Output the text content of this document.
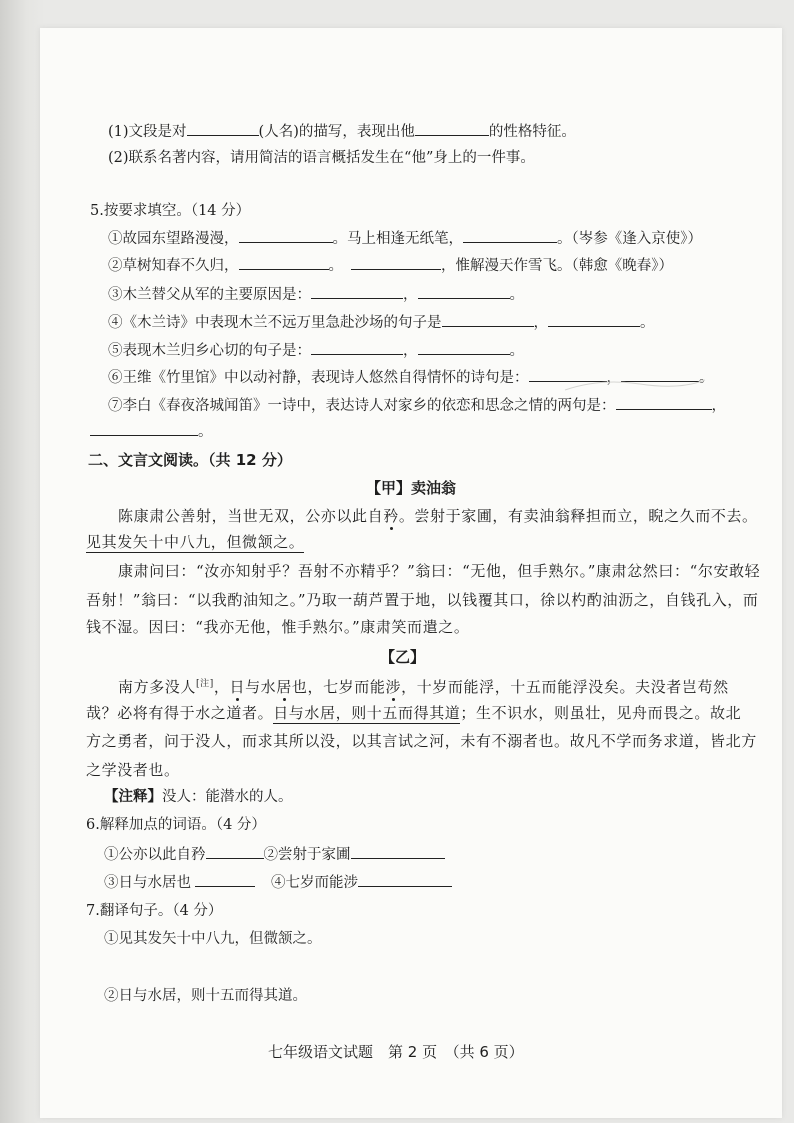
(1)文段是对	(人名)的描写，表现出他	的性格特征。
(2)联系名著内容，请用简洁的语言概括发生在“他”身上的一件事。
5.按要求填空。（14 分）
①故园东望路漫漫，	。马上相逢无纸笔，	。（岑参《逢入京使》）
②草树知春不久归，	。	，惟解漫天作雪飞。（韩愈《晚春》）
③木兰替父从军的主要原因是：	，	。
④《木兰诗》中表现木兰不远万里急赴沙场的句子是	，	。
⑤表现木兰归乡心切的句子是：	，	。
⑥王维《竹里馆》中以动衬静，表现诗人悠然自得情怀的诗句是：	，	。
⑦李白《春夜洛城闻笛》一诗中，表达诗人对家乡的依恋和思念之情的两句是：	，
。
二、文言文阅读。（共 12 分）
【甲】卖油翁
陈康肃公善射，当世无双，公亦以此自矜。尝射于家圃，有卖油翁释担而立，睨之久而不去。
见其发矢十中八九，但微颔之。
康肃问曰：“汝亦知射乎？吾射不亦精乎？”翁曰：“无他，但手熟尔。”康肃忿然曰：“尔安敢轻
吾射！”翁曰：“以我酌油知之。”乃取一葫芦置于地，以钱覆其口，徐以杓酌油沥之，自钱孔入，而
钱不湿。因曰：“我亦无他，惟手熟尔。”康肃笑而遣之。
【乙】
南方多没人[注]，日与水居也，七岁而能涉，十岁而能浮，十五而能浮没矣。夫没者岂苟然
哉？必将有得于水之道者。日与水居，则十五而得其道；生不识水，则虽壮，见舟而畏之。故北
方之勇者，问于没人，而求其所以没，以其言试之河，未有不溺者也。故凡不学而务求道，皆北方
之学没者也。
【注释】没人：能潜水的人。
6.解释加点的词语。（4 分）
①公亦以此自矜	②尝射于家圃
③日与水居也	④七岁而能涉
7.翻译句子。（4 分）
①见其发矢十中八九，但微颔之。
②日与水居，则十五而得其道。
七年级语文试题　第 2 页　（共 6 页）
